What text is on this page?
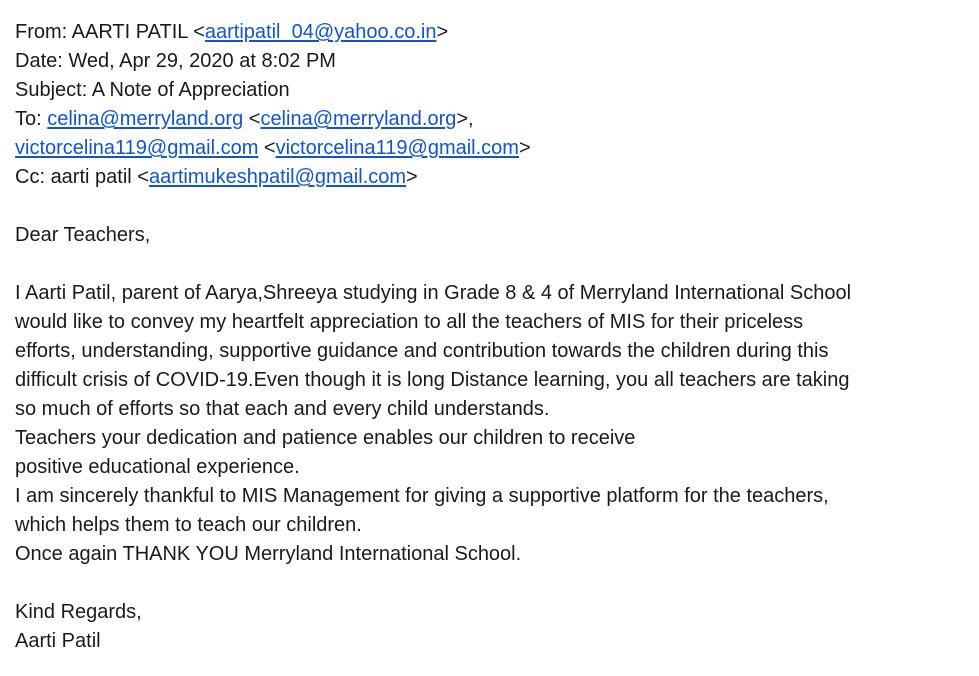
From: AARTI PATIL <aartipatil_04@yahoo.co.in>
Date: Wed, Apr 29, 2020 at 8:02 PM
Subject: A Note of Appreciation
To: celina@merryland.org <celina@merryland.org>,
victorcelina119@gmail.com <victorcelina119@gmail.com>
Cc: aarti patil <aartimukeshpatil@gmail.com>
Dear Teachers,
I Aarti Patil, parent of Aarya,Shreeya studying in Grade 8 & 4 of Merryland International School
would like to convey my heartfelt appreciation to all the teachers of MIS for their priceless
efforts, understanding, supportive guidance and contribution towards the children during this
difficult crisis of COVID-19.Even though it is long Distance learning, you all teachers are taking
so much of efforts so that each and every child understands.
Teachers your dedication and patience enables our children to receive
positive educational experience.
I am sincerely thankful to MIS Management for giving a supportive platform for the teachers,
which helps them to teach our children.
Once again THANK YOU Merryland International School.
Kind Regards,
Aarti Patil
